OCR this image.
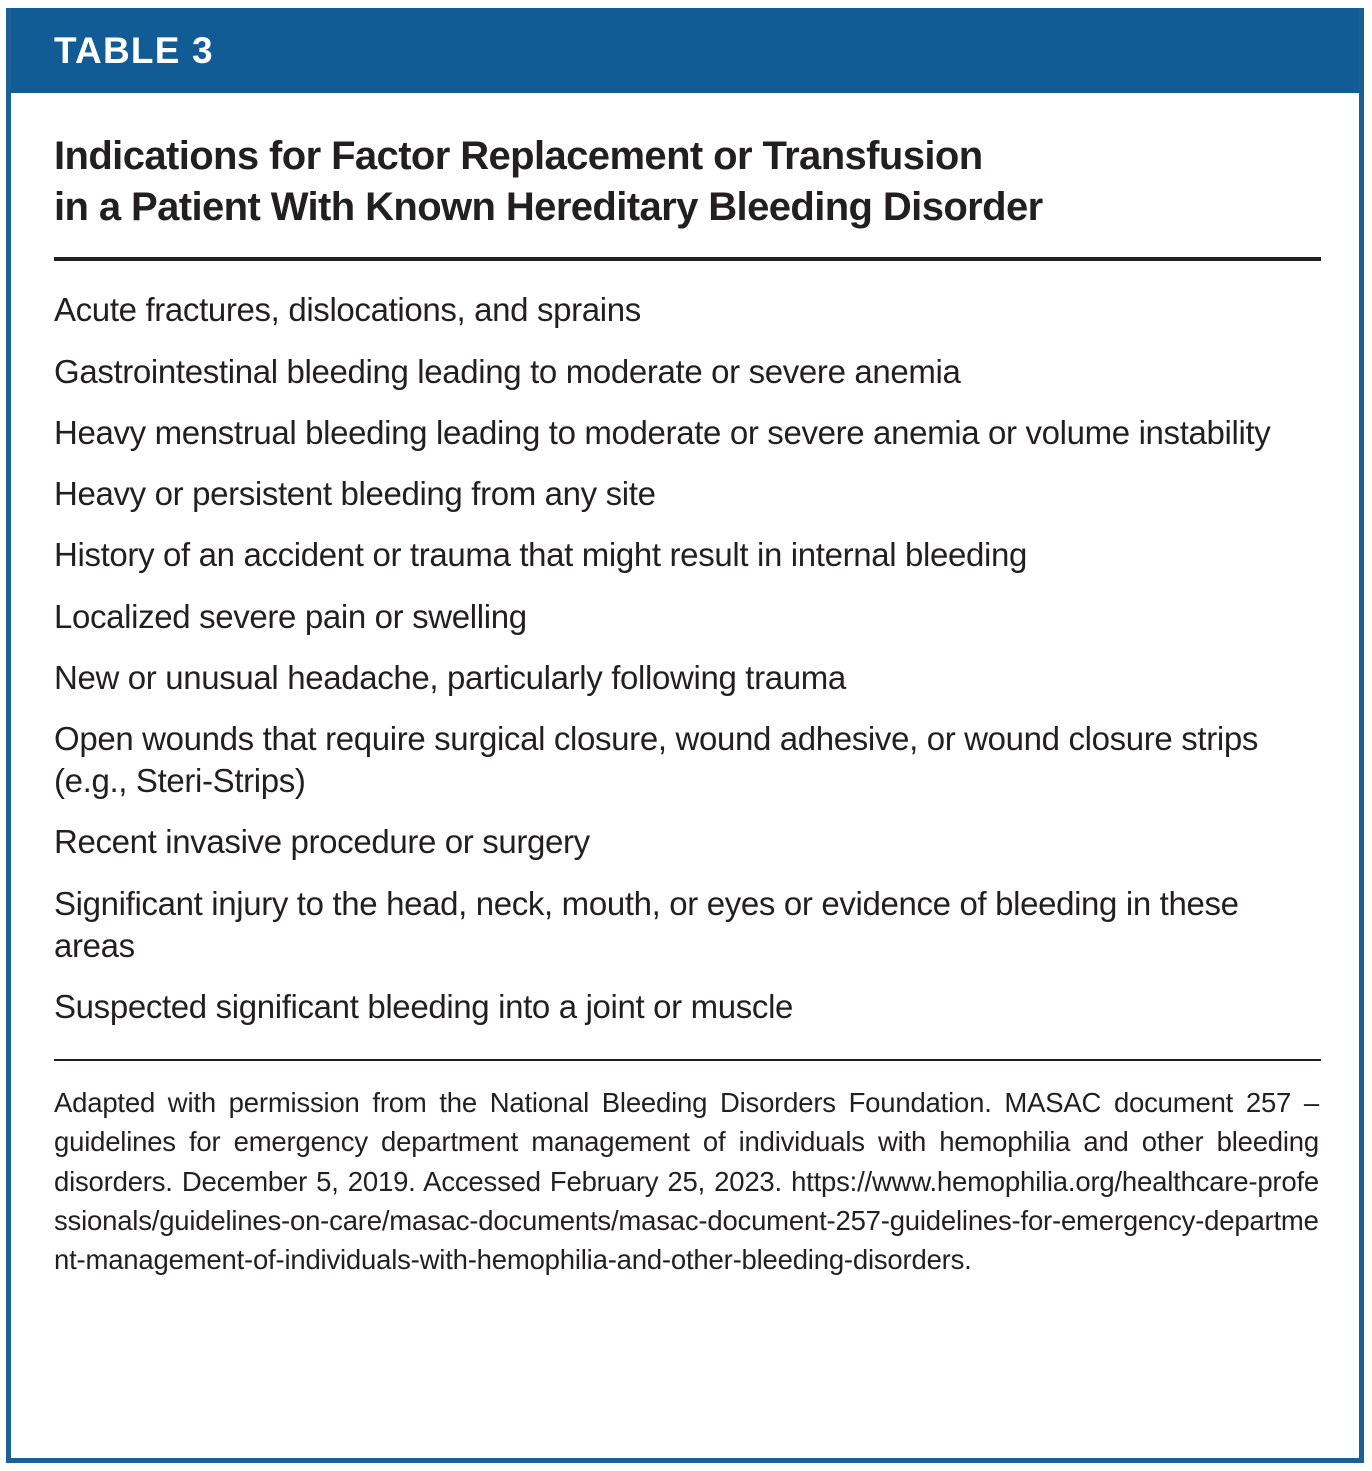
TABLE 3
Indications for Factor Replacement or Transfusion
in a Patient With Known Hereditary Bleeding Disorder
Acute fractures, dislocations, and sprains
Gastrointestinal bleeding leading to moderate or severe anemia
Heavy menstrual bleeding leading to moderate or severe anemia or volume instability
Heavy or persistent bleeding from any site
History of an accident or trauma that might result in internal bleeding
Localized severe pain or swelling
New or unusual headache, particularly following trauma
Open wounds that require surgical closure, wound adhesive, or wound closure strips (e.g., Steri-Strips)
Recent invasive procedure or surgery
Significant injury to the head, neck, mouth, or eyes or evidence of bleeding in these areas
Suspected significant bleeding into a joint or muscle

Adapted with permission from the National Bleeding Disorders Foundation. MASAC document 257 – guidelines for emergency department management of individuals with hemophilia and other bleeding disorders. December 5, 2019. Accessed February 25, 2023. https://www.hemophilia.org/healthcare-professionals/guidelines-on-care/masac-documents/masac-document-257-guidelines-for-emergency-department-management-of-individuals-with-hemophilia-and-other-bleeding-disorders.
